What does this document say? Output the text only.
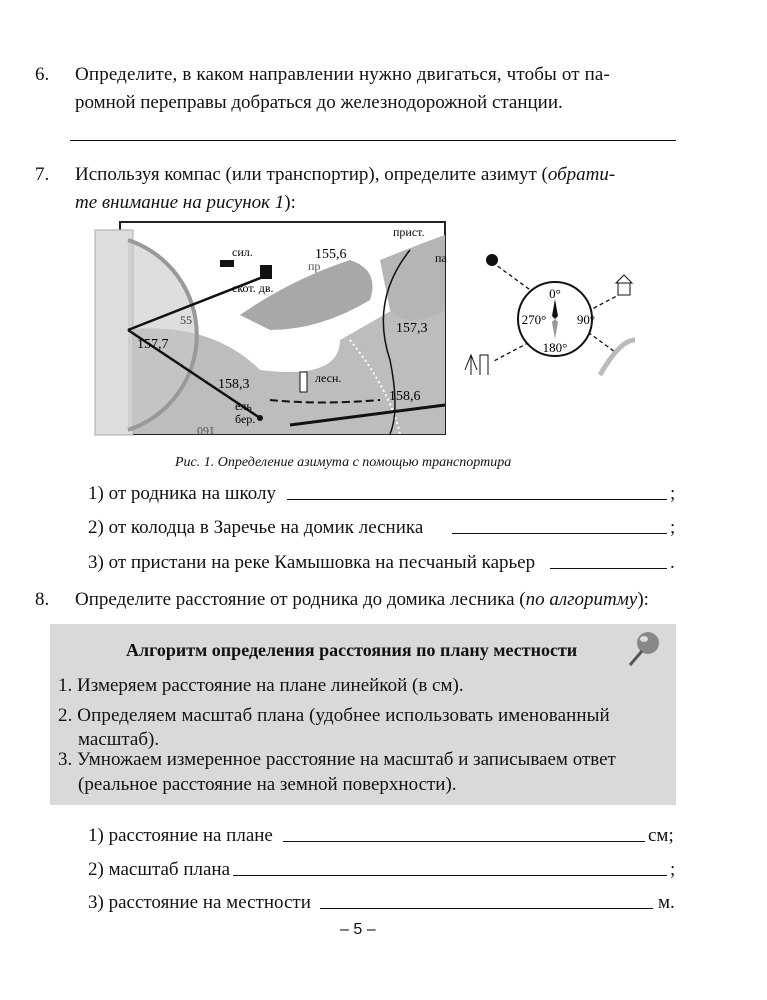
6. Определите, в каком направлении нужно двигаться, чтобы от па-
ромной переправы добраться до железнодорожной станции.
7. Используя компас (или транспортир), определите азимут (обрати-
те внимание на рисунок 1):
сил.
скот. дв.
155,6
прист.
па
пр
157,3
157,7
158,3	лесн.
158,6
ель
бер.
160
55
0°
90°
180°
270°
Рис. 1. Определение азимута с помощью транспортира
1) от родника на школу	;
2) от колодца в Заречье на домик лесника	;
3) от пристани на реке Камышовка на песчаный карьер	.
8. Определите расстояние от родника до домика лесника (по алгоритму):
Алгоритм определения расстояния по плану местности
1. Измеряем расстояние на плане линейкой (в см).
2. Определяем масштаб плана (удобнее использовать именованный
масштаб).
3. Умножаем измеренное расстояние на масштаб и записываем ответ
(реальное расстояние на земной поверхности).
1) расстояние на плане	см;
2) масштаб плана	;
3) расстояние на местности	м.
– 5 –
